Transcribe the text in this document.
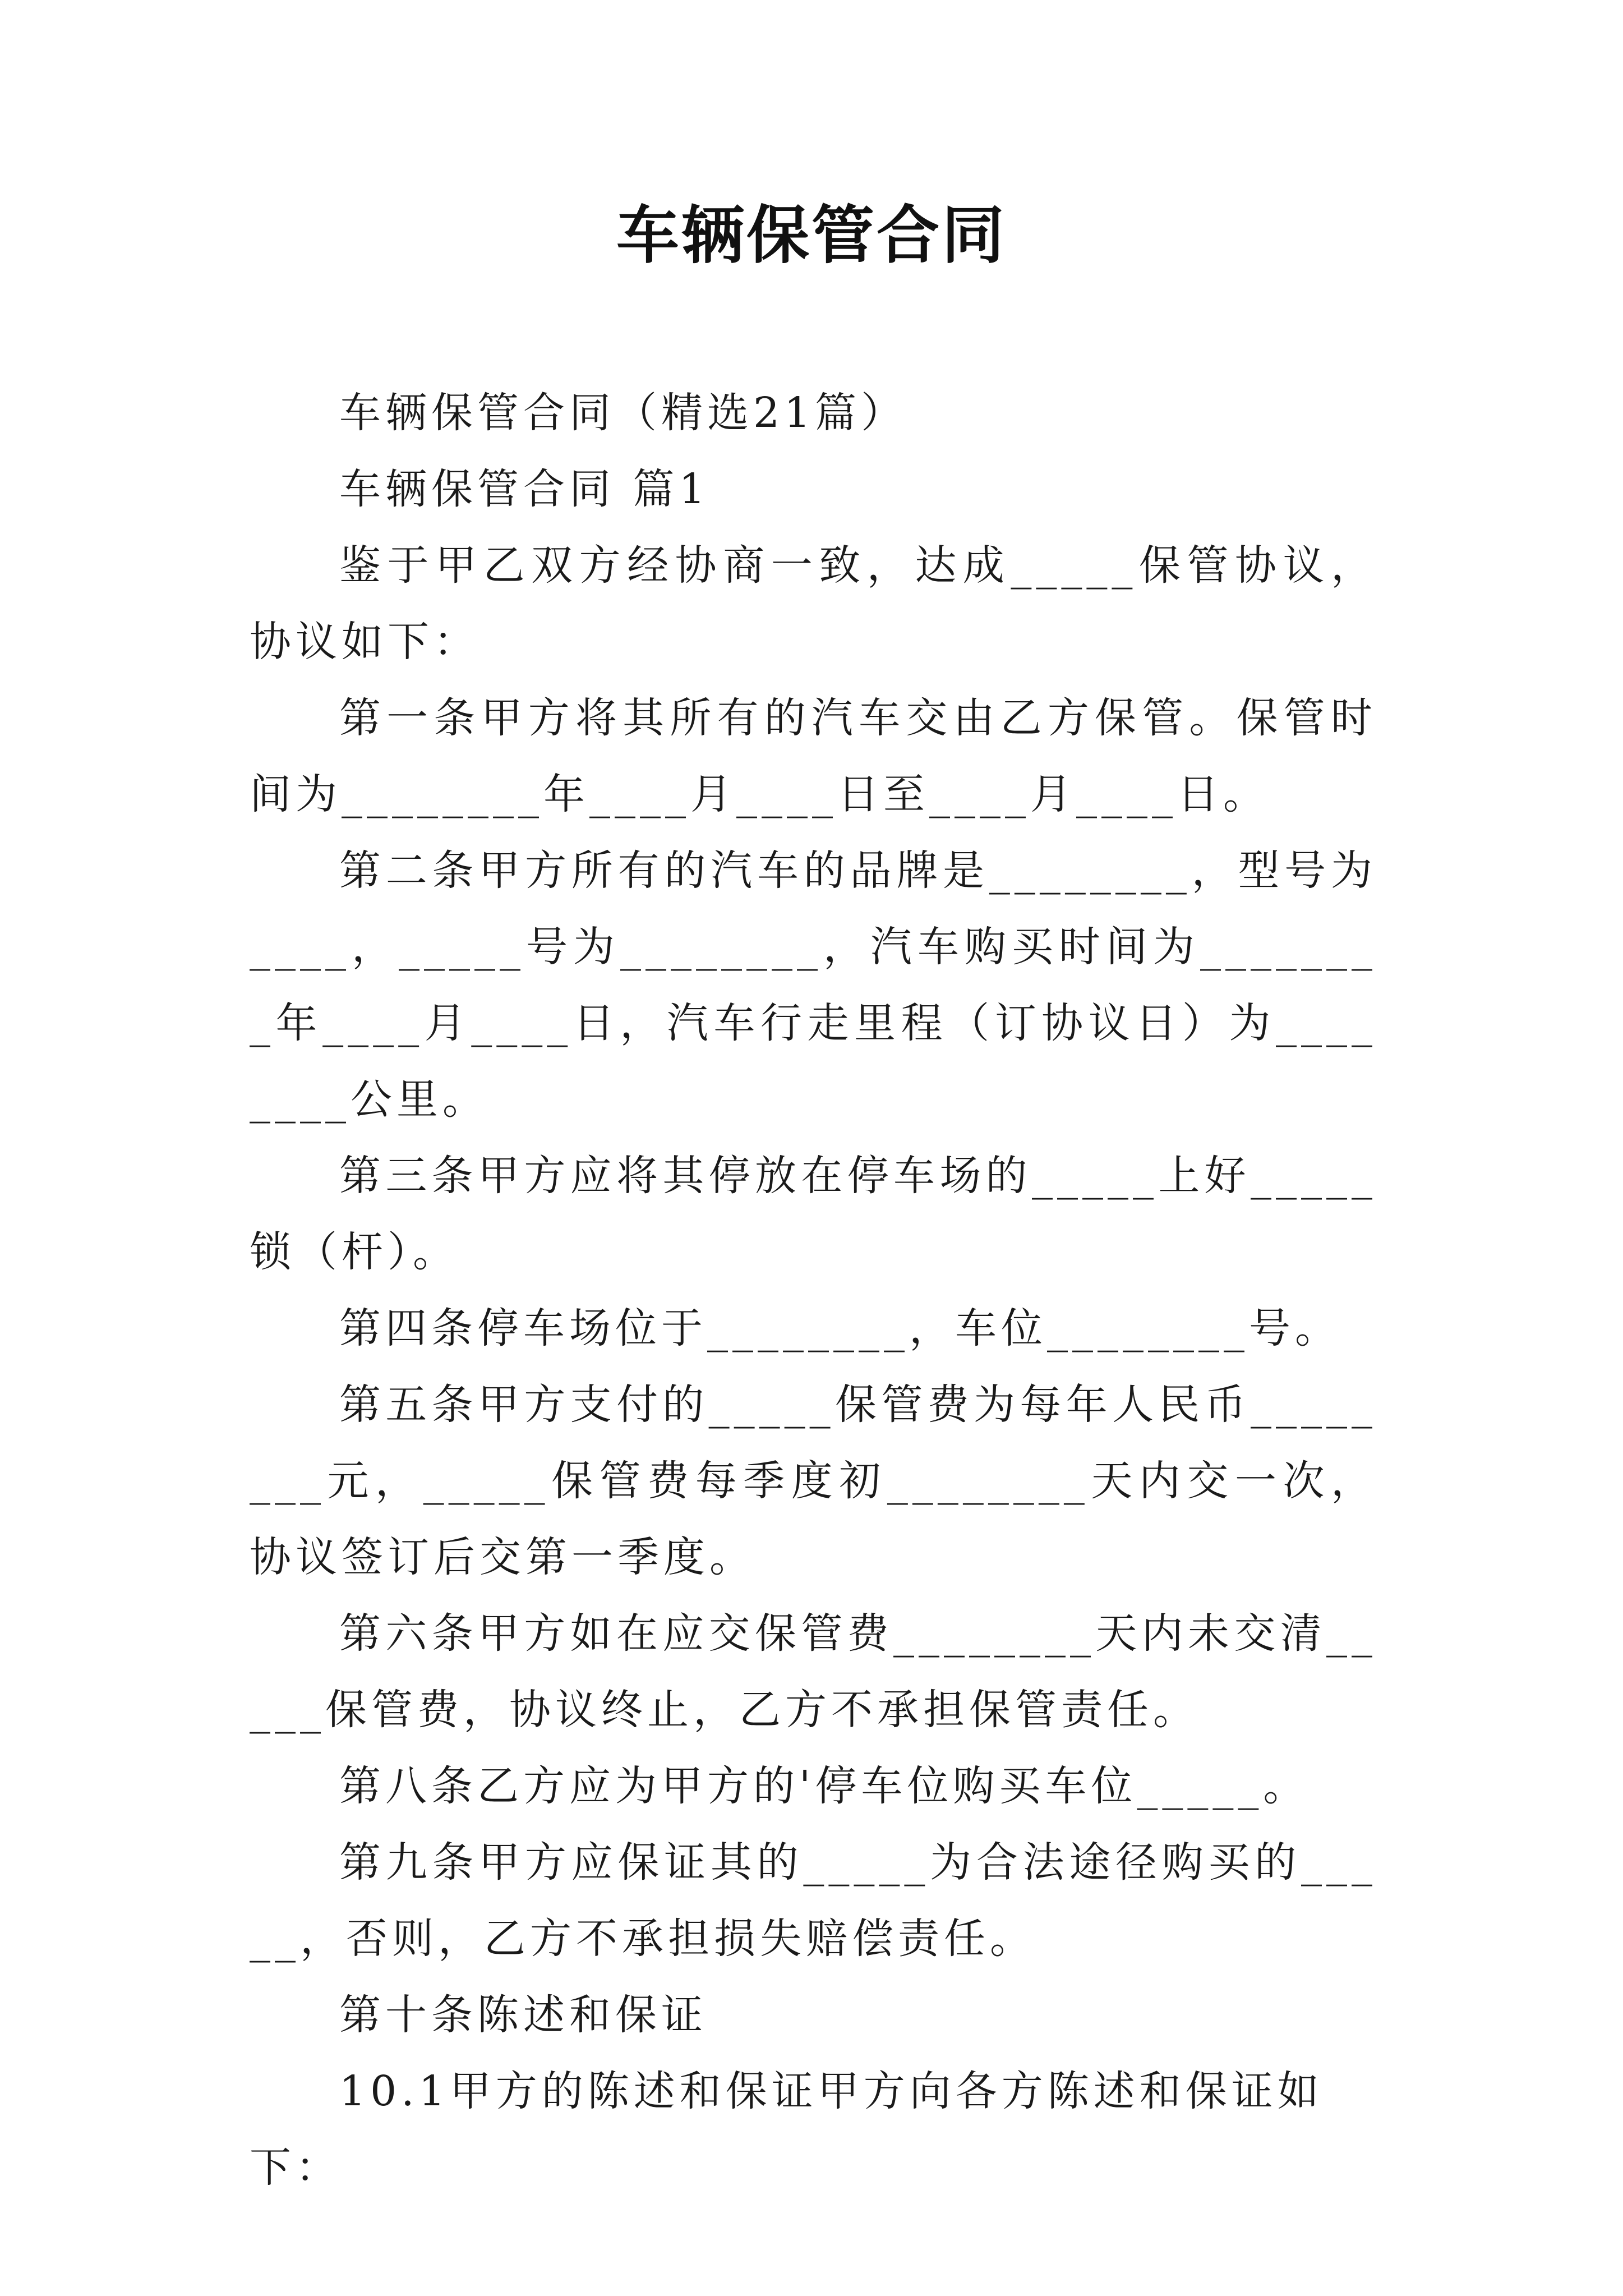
车辆保管合同

车辆保管合同（精选21篇）

车辆保管合同 篇1

鉴于甲乙双方经协商一致，达成_____保管协议，协议如下：

第一条甲方将其所有的汽车交由乙方保管。保管时间为________年____月____日至____月____日。

第二条甲方所有的汽车的品牌是________，型号为____，_____号为________，汽车购买时间为________年____月____日，汽车行走里程（订协议日）为________公里。

第三条甲方应将其停放在停车场的_____上好_____锁（杆）。

第四条停车场位于________，车位________号。

第五条甲方支付的_____保管费为每年人民币________元，_____保管费每季度初________天内交一次，协议签订后交第一季度。

第六条甲方如在应交保管费________天内未交清_____保管费，协议终止，乙方不承担保管责任。

第八条乙方应为甲方的'停车位购买车位_____。

第九条甲方应保证其的_____为合法途径购买的_____，否则，乙方不承担损失赔偿责任。

第十条陈述和保证

10.1甲方的陈述和保证甲方向各方陈述和保证如下：
